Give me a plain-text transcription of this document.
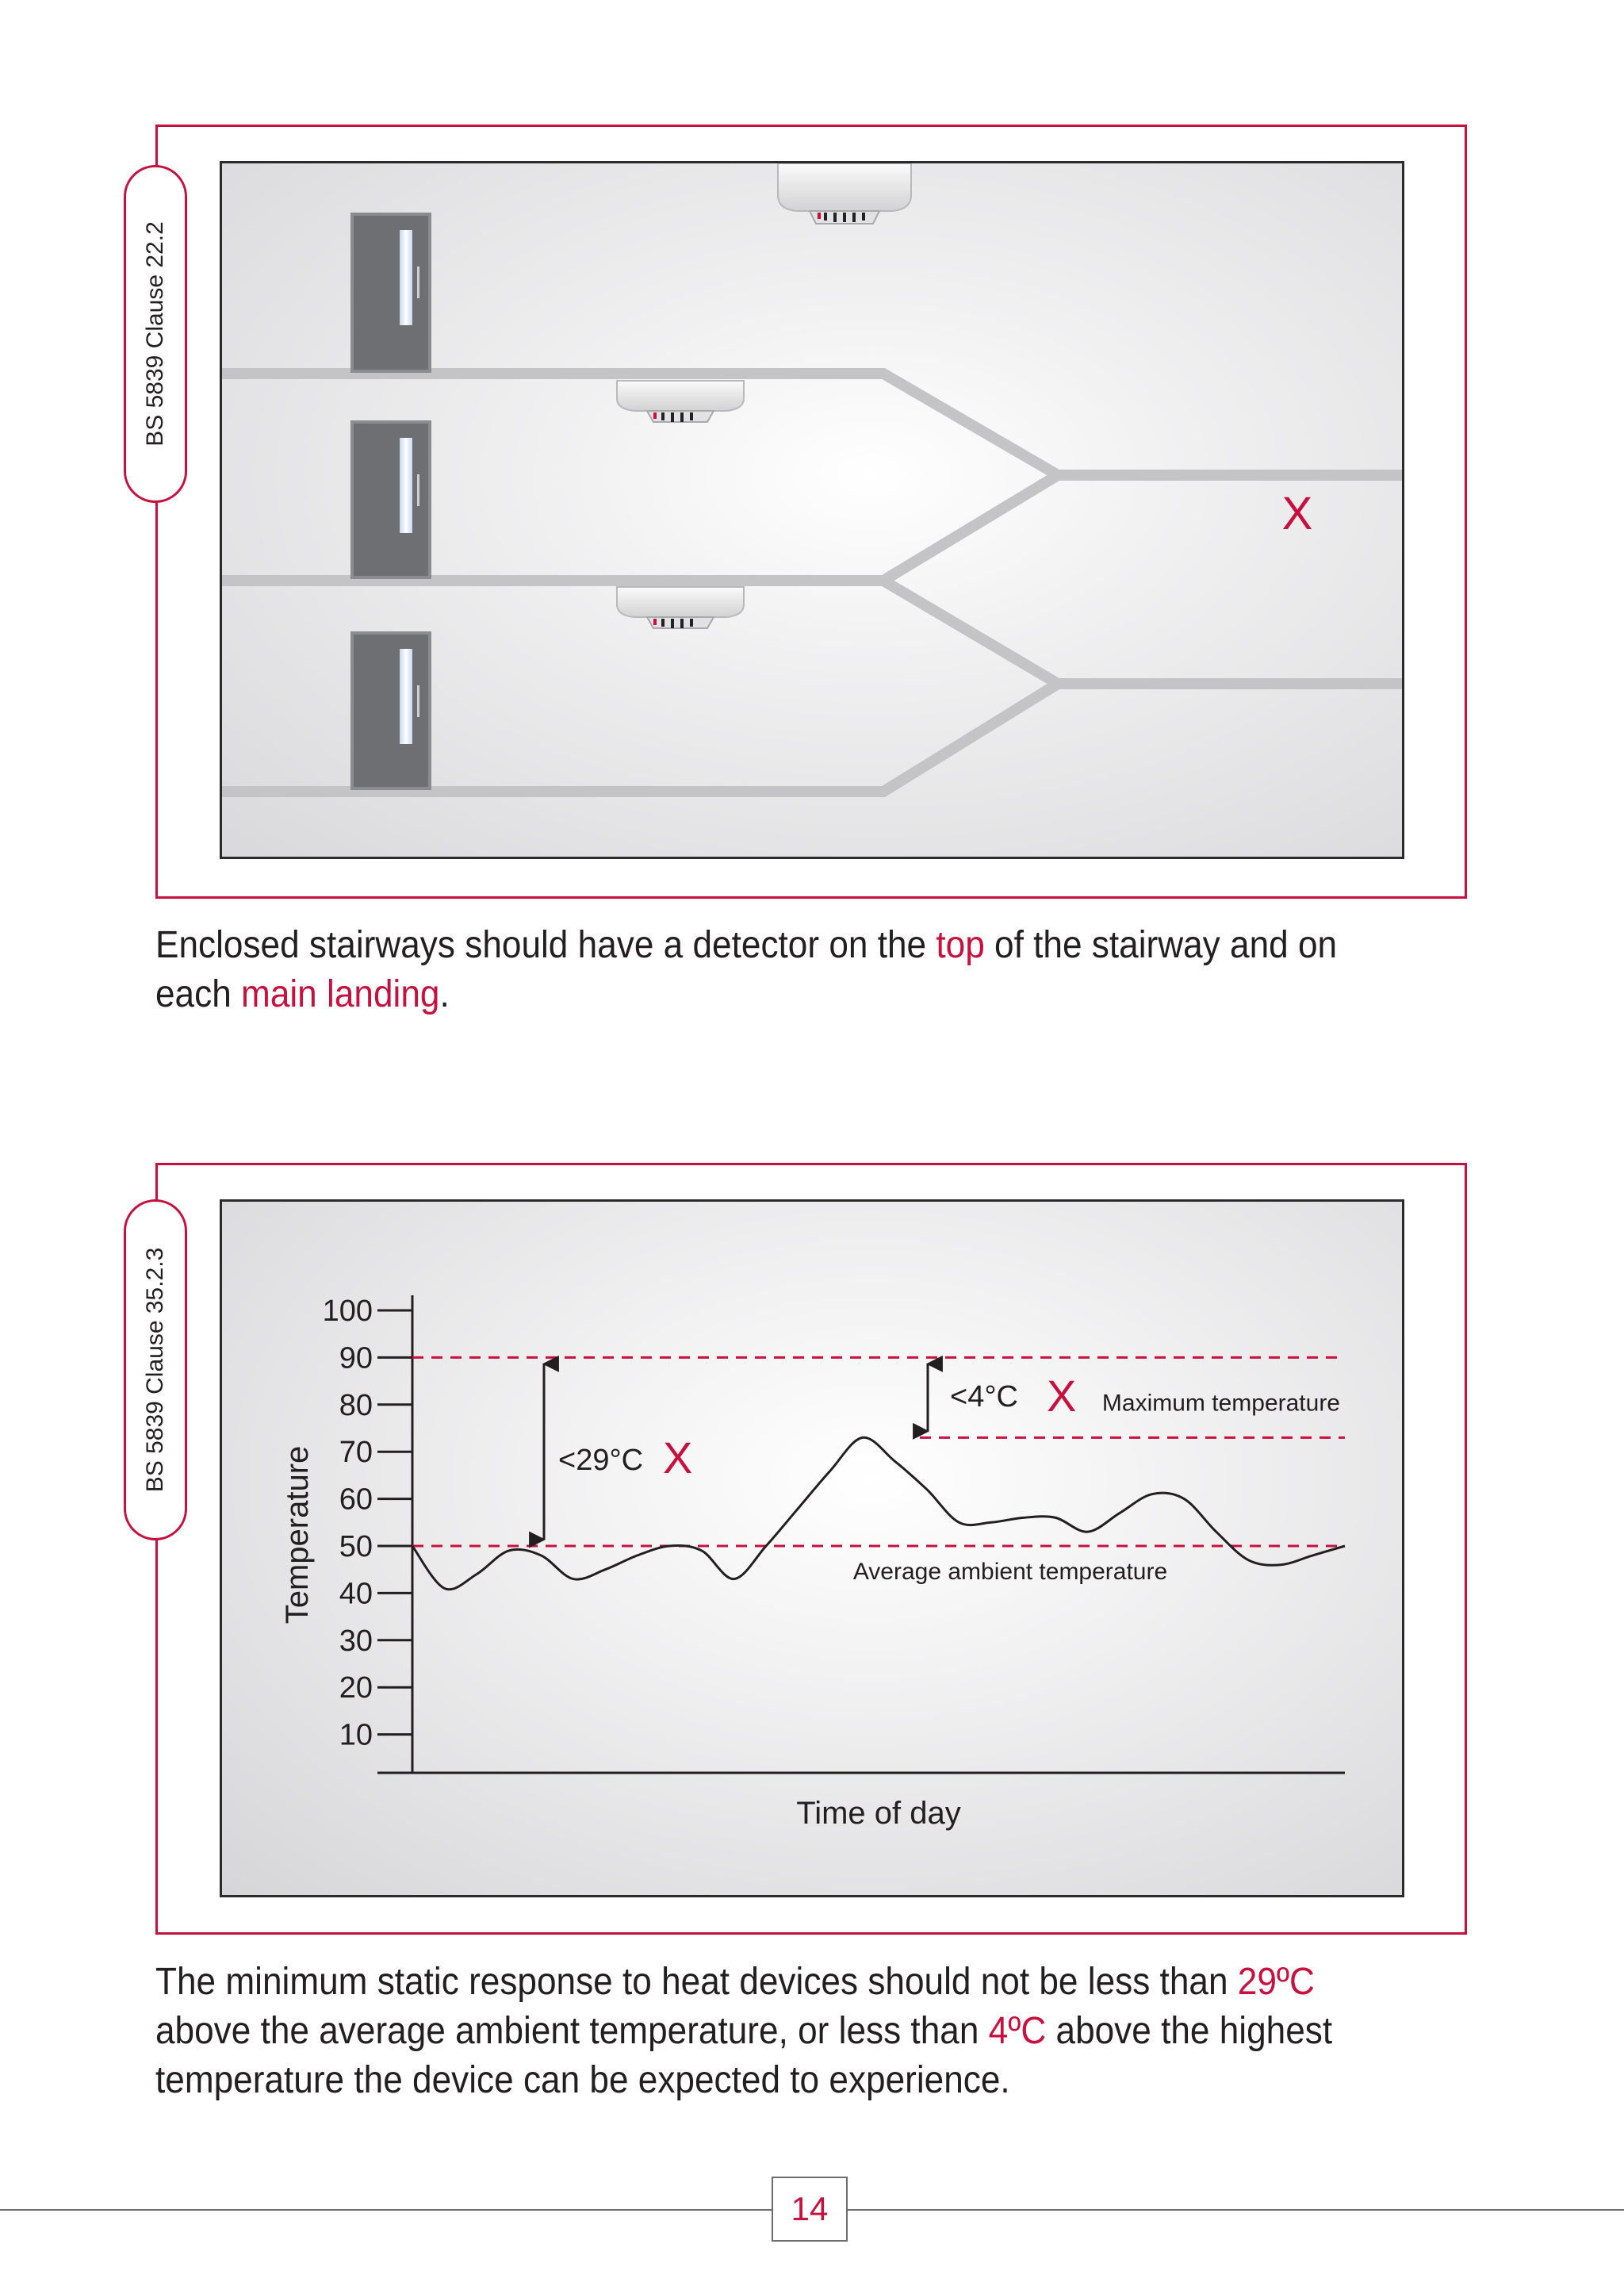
BS 5839 Clause 22.2
X

Enclosed stairways should have a detector on the top of the stairway and on each main landing.

BS 5839 Clause 35.2.3	100
90
80
70
60
50
40
30
20
10
Time of day
Temperature	Average ambient temperature
Maximum temperature
<29°C X
<4°C X

The minimum static response to heat devices should not be less than 29ºC above the average ambient temperature, or less than 4ºC above the highest temperature the device can be expected to experience.

14
